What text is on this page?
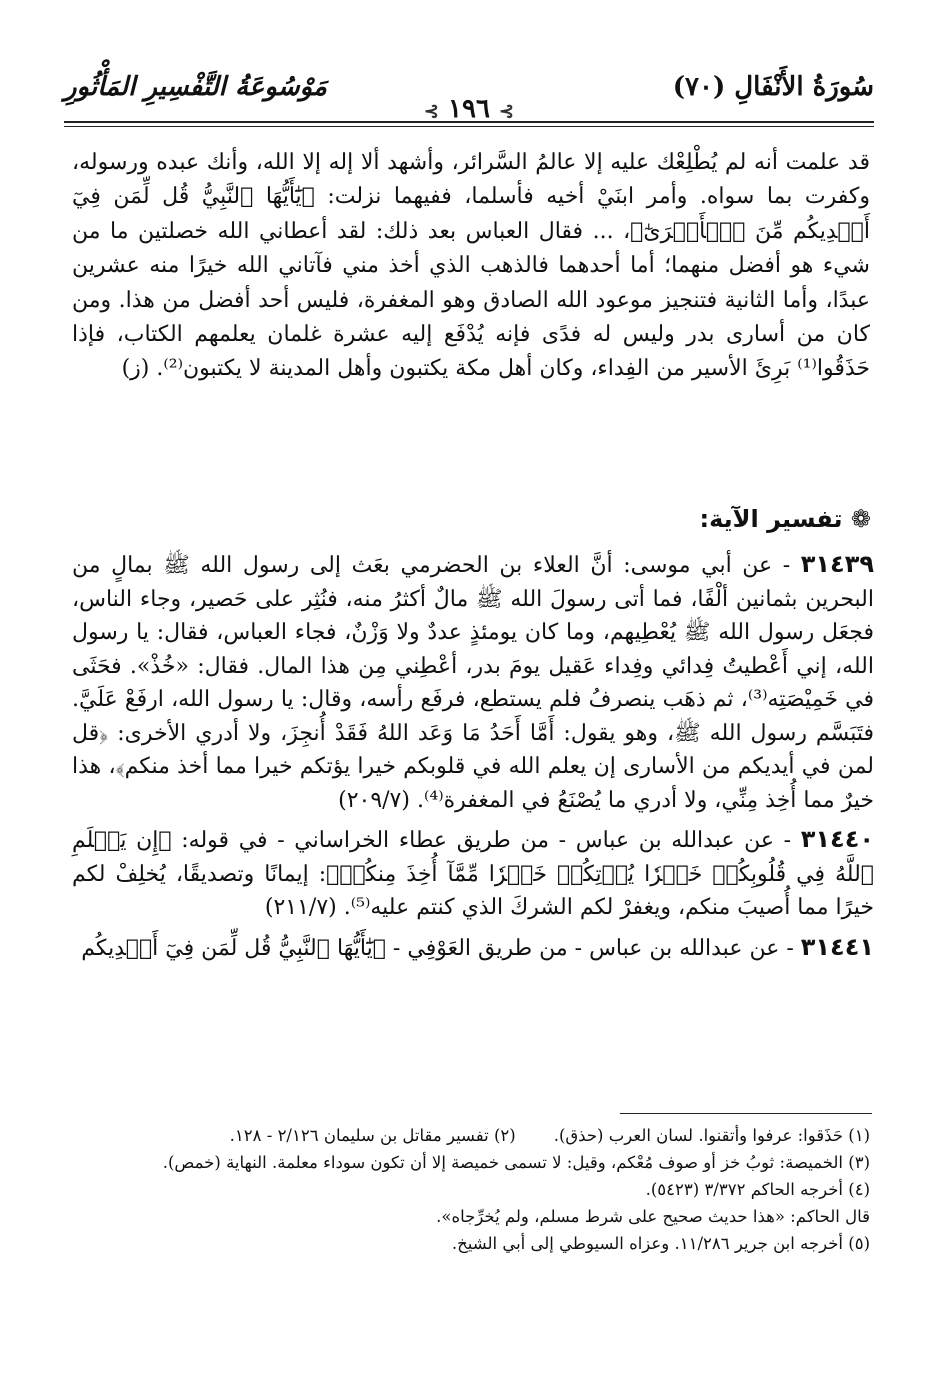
سُورَةُ الأَنْفَالِ (٧٠)
مَوْسُوعَةُ التَّفْسِيرِ المَأْثُورِ
⊱ ١٩٦ ⊱

قد علمت أنه لم يُطْلِعْك عليه إلا عالمُ السَّرائر، وأشهد ألا إله إلا الله، وأنك عبده ورسوله، وكفرت بما سواه. وأمر ابنَيْ أخيه فأسلما، ففيهما نزلت: ﴿يَٰٓأَيُّهَا ٱلنَّبِيُّ قُل لِّمَن فِيٓ أَيۡدِيكُم مِّنَ ٱلۡأَسۡرَىٰٓ﴾، ... فقال العباس بعد ذلك: لقد أعطاني الله خصلتين ما من شيء هو أفضل منهما؛ أما أحدهما فالذهب الذي أخذ مني فآتاني الله خيرًا منه عشرين عبدًا، وأما الثانية فتنجيز موعود الله الصادق وهو المغفرة، فليس أحد أفضل من هذا. ومن كان من أسارى بدر وليس له فدًى فإنه يُدْفَع إليه عشرة غلمان يعلمهم الكتاب، فإذا حَذَقُوا⁽¹⁾ بَرِئَ الأسير من الفِداء، وكان أهل مكة يكتبون وأهل المدينة لا يكتبون⁽²⁾. (ز)

❁ تفسير الآية:

٣١٤٣٩ - عن أبي موسى: أنَّ العلاء بن الحضرمي بعَث إلى رسول الله ﷺ بمالٍ من البحرين بثمانين ألْفًا، فما أتى رسولَ الله ﷺ مالٌ أكثرُ منه، فنُثِر على حَصير، وجاء الناس، فجعَل رسول الله ﷺ يُعْطِيهم، وما كان يومئذٍ عددٌ ولا وَزْنٌ، فجاء العباس، فقال: يا رسول الله، إني أَعْطيتُ فِدائي وفِداء عَقيل يومَ بدر، أعْطِني مِن هذا المال. فقال: «خُذْ». فحَثَى في خَمِيْصَتِه⁽³⁾، ثم ذهَب ينصرفُ فلم يستطع، فرفَع رأسه، وقال: يا رسول الله، ارفَعْ عَلَيَّ. فتَبَسَّم رسول الله ﷺ، وهو يقول: أَمَّا أَحَدُ مَا وَعَد اللهُ فَقَدْ أُنجِزَ، ولا أدري الأخرى: ﴿قل لمن في أيديكم من الأسارى إن يعلم الله في قلوبكم خيرا يؤتكم خيرا مما أخذ منكم﴾، هذا خيرٌ مما أُخِذ مِنِّي، ولا أدري ما يُصْنَعُ في المغفرة⁽⁴⁾. (٢٠٩/٧)

٣١٤٤٠ - عن عبدالله بن عباس - من طريق عطاء الخراساني - في قوله: ﴿إِن يَعۡلَمِ ٱللَّهُ فِي قُلُوبِكُمۡ خَيۡرٗا يُؤۡتِكُمۡ خَيۡرٗا مِّمَّآ أُخِذَ مِنكُمۡ﴾: إيمانًا وتصديقًا، يُخلِفْ لكم خيرًا مما أُصيبَ منكم، ويغفرْ لكم الشركَ الذي كنتم عليه⁽⁵⁾. (٢١١/٧)

٣١٤٤١ - عن عبدالله بن عباس - من طريق العَوْفِي - ﴿يَٰٓأَيُّهَا ٱلنَّبِيُّ قُل لِّمَن فِيٓ أَيۡدِيكُم

(١) حَذَقوا: عرفوا وأتقنوا. لسان العرب (حذق).
(٢) تفسير مقاتل بن سليمان ٢/١٢٦ - ١٢٨.
(٣) الخميصة: ثوبُ خز أو صوف مُعْكم، وقيل: لا تسمى خميصة إلا أن تكون سوداء معلمة. النهاية (خمص).
(٤) أخرجه الحاكم ٣/٣٧٢ (٥٤٢٣).
قال الحاكم: «هذا حديث صحيح على شرط مسلم، ولم يُخرِّجاه».
(٥) أخرجه ابن جرير ١١/٢٨٦. وعزاه السيوطي إلى أبي الشيخ.
